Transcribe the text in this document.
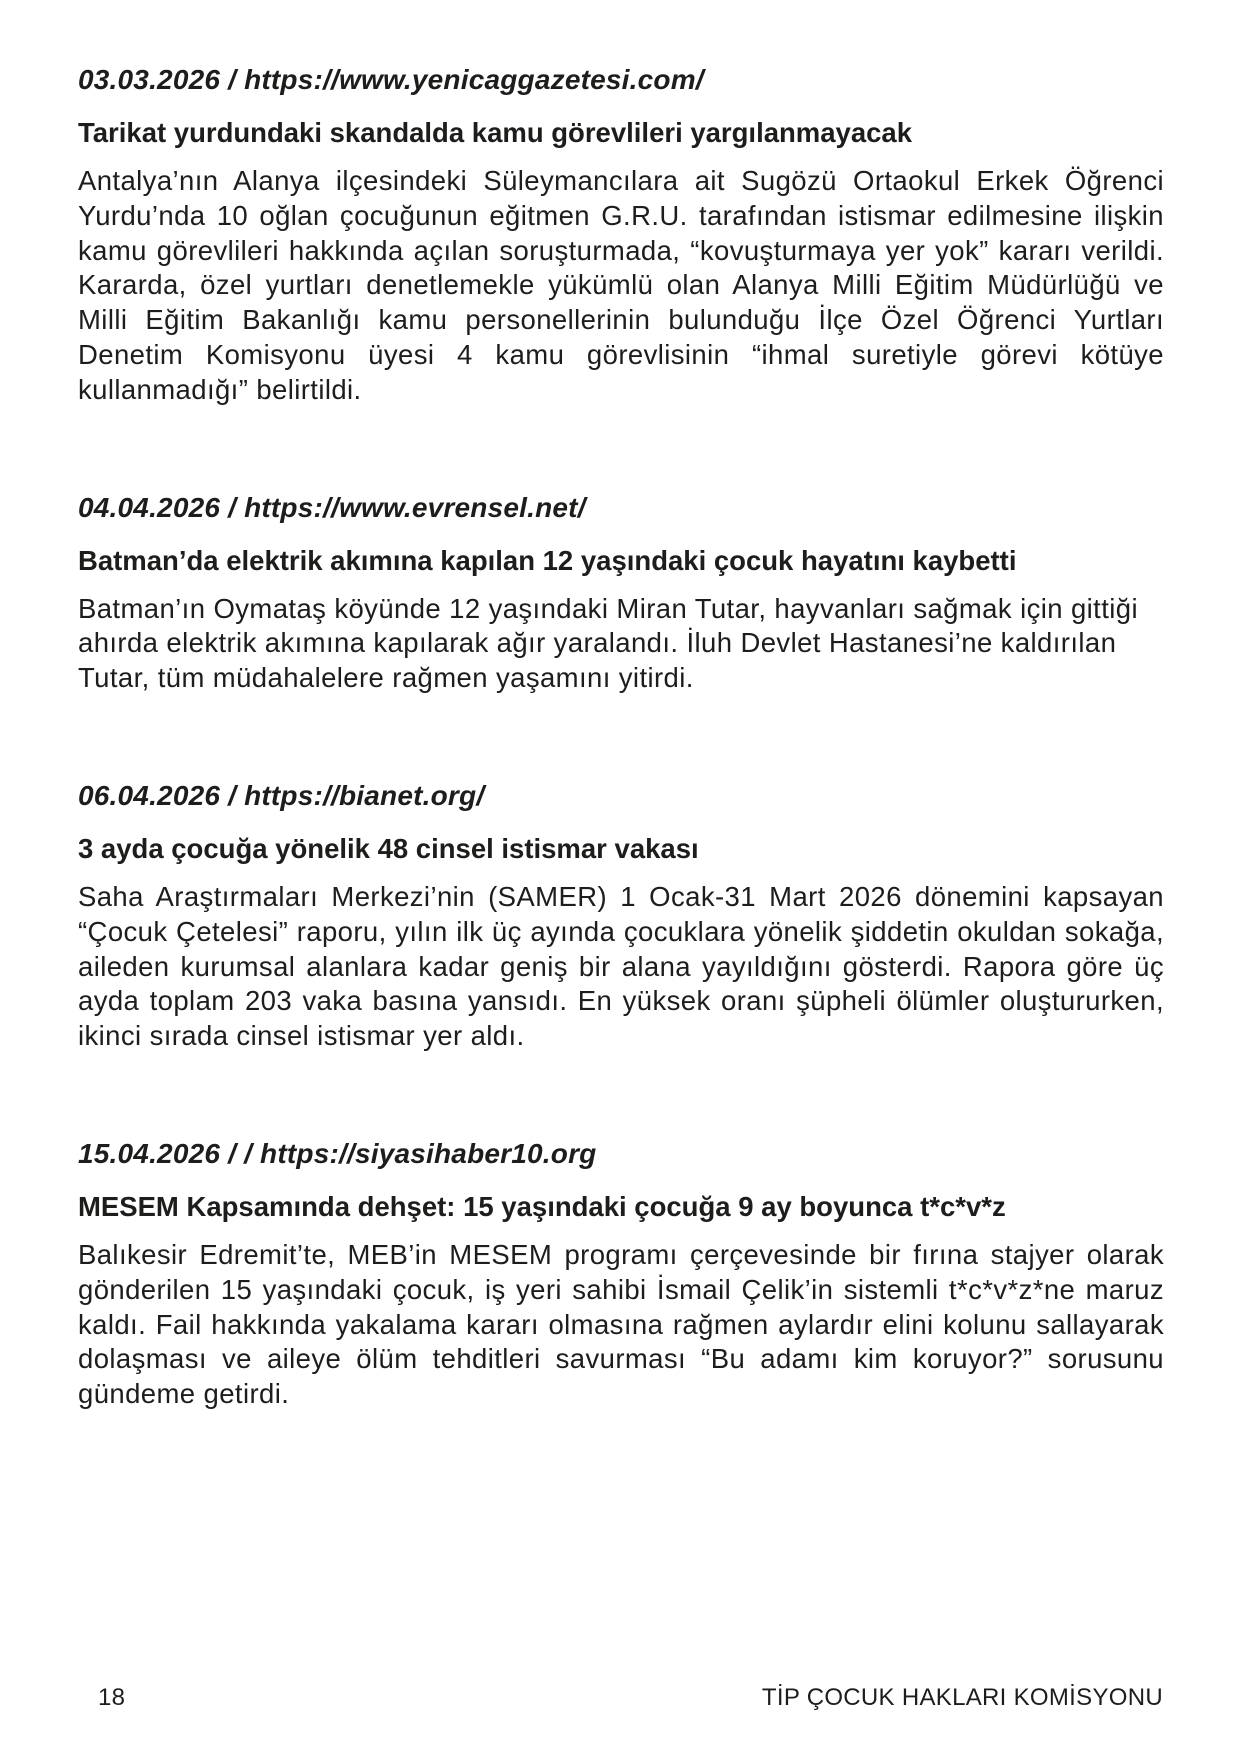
03.03.2026 / https://www.yenicaggazetesi.com/
Tarikat yurdundaki skandalda kamu görevlileri yargılanmayacak

Antalya’nın Alanya ilçesindeki Süleymancılara ait Sugözü Ortaokul Erkek Öğrenci Yurdu’nda 10 oğlan çocuğunun eğitmen G.R.U. tarafından istismar edilmesine ilişkin kamu görevlileri hakkında açılan soruşturmada, “kovuşturmaya yer yok” kararı verildi. Kararda, özel yurtları denetlemekle yükümlü olan Alanya Milli Eğitim Müdürlüğü ve Milli Eğitim Bakanlığı kamu personellerinin bulunduğu İlçe Özel Öğrenci Yurtları Denetim Komisyonu üyesi 4 kamu görevlisinin “ihmal suretiyle görevi kötüye kullanmadığı” belirtildi.

04.04.2026 / https://www.evrensel.net/
Batman’da elektrik akımına kapılan 12 yaşındaki çocuk hayatını kaybetti

Batman’ın Oymataş köyünde 12 yaşındaki Miran Tutar, hayvanları sağmak için gittiği ahırda elektrik akımına kapılarak ağır yaralandı. İluh Devlet Hastanesi’ne kaldırılan Tutar, tüm müdahalelere rağmen yaşamını yitirdi.

06.04.2026 / https://bianet.org/
3 ayda çocuğa yönelik 48 cinsel istismar vakası

Saha Araştırmaları Merkezi’nin (SAMER) 1 Ocak-31 Mart 2026 dönemini kapsayan “Çocuk Çetelesi” raporu, yılın ilk üç ayında çocuklara yönelik şiddetin okuldan sokağa, aileden kurumsal alanlara kadar geniş bir alana yayıldığını gösterdi. Rapora göre üç ayda toplam 203 vaka basına yansıdı. En yüksek oranı şüpheli ölümler oluştururken, ikinci sırada cinsel istismar yer aldı.

15.04.2026 / / https://siyasihaber10.org
MESEM Kapsamında dehşet: 15 yaşındaki çocuğa 9 ay boyunca t*c*v*z

Balıkesir Edremit’te, MEB’in MESEM programı çerçevesinde bir fırına stajyer olarak gönderilen 15 yaşındaki çocuk, iş yeri sahibi İsmail Çelik’in sistemli t*c*v*z*ne maruz kaldı. Fail hakkında yakalama kararı olmasına rağmen aylardır elini kolunu sallayarak dolaşması ve aileye ölüm tehditleri savurması “Bu adamı kim koruyor?” sorusunu gündeme getirdi.

18	TİP ÇOCUK HAKLARI KOMİSYONU
